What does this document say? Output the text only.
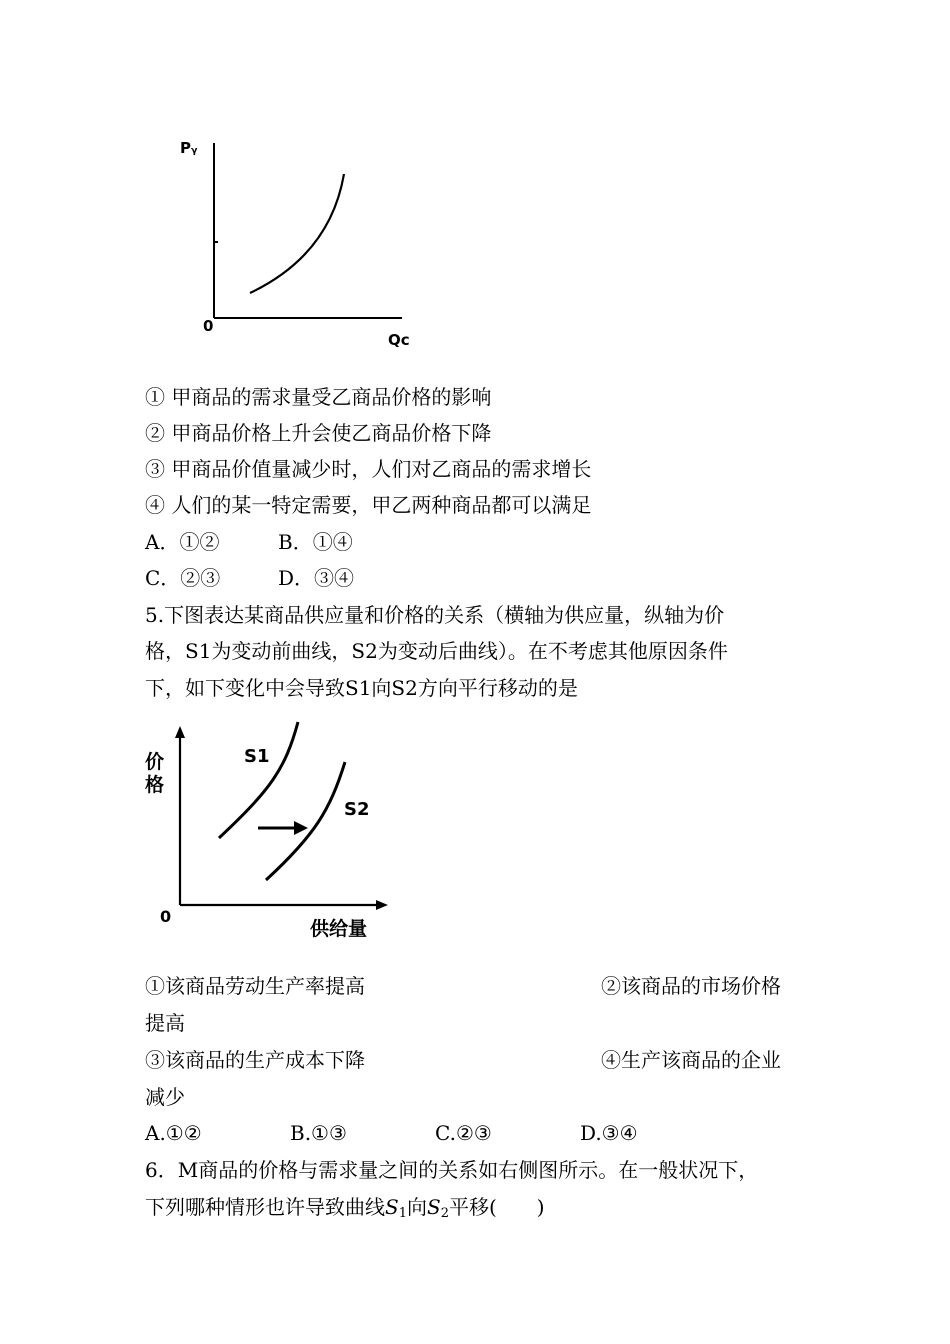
Pᵧ
0
Qc
① 甲商品的需求量受乙商品价格的影响
② 甲商品价格上升会使乙商品价格下降
③ 甲商品价值量减少时，人们对乙商品的需求增长
④ 人们的某一特定需要，甲乙两种商品都可以满足
A．①②	B．①④
C．②③	D．③④
5.下图表达某商品供应量和价格的关系（横轴为供应量，纵轴为价
格，S1为变动前曲线，S2为变动后曲线）。在不考虑其他原因条件
下，如下变化中会导致S1向S2方向平行移动的是
价
格
S1
S2
0
供给量
①该商品劳动生产率提高	②该商品的市场价格
提高
③该商品的生产成本下降	④生产该商品的企业
减少
A.①②	B.①③	C.②③	D.③④
6．M商品的价格与需求量之间的关系如右侧图所示。在一般状况下，
下列哪种情形也许导致曲线$S_1$向$S_2$平移(　　)
